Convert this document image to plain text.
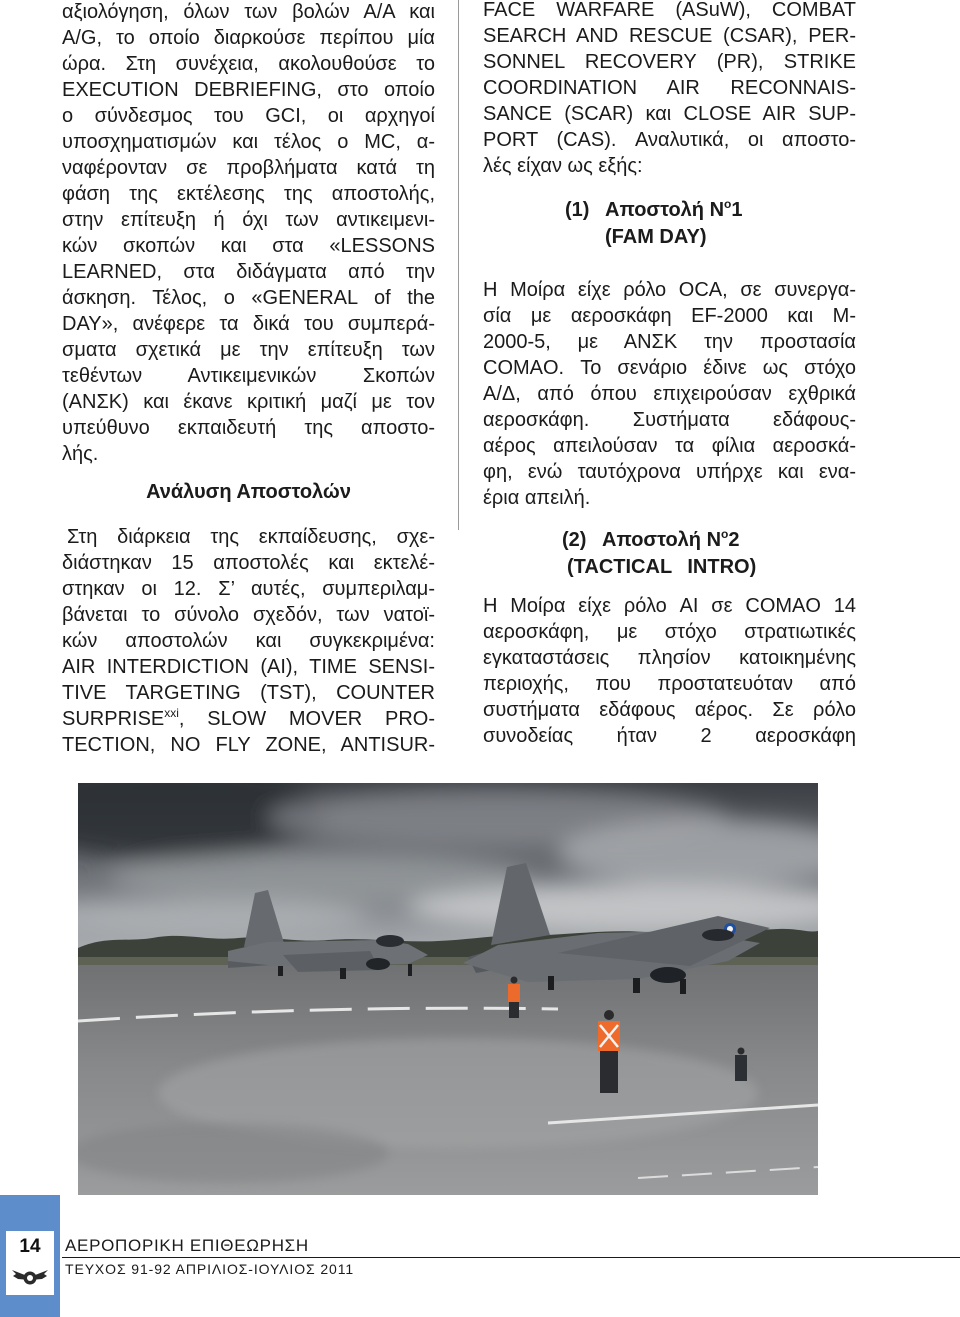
αξιολόγηση, όλων των βολών Α/Α και
Α/G, το οποίο διαρκούσε περίπου μία
ώρα. Στη συνέχεια, ακολουθούσε το
EXECUTION DEBRIEFING, στο οποίο
ο σύνδεσμος του GCI, οι αρχηγοί
υποσχηματισμών και τέλος ο MC, α-
ναφέρονταν σε προβλήματα κατά τη
φάση της εκτέλεσης της αποστολής,
στην επίτευξη ή όχι των αντικειμενι-
κών σκοπών και στα «LESSONS
LEARNED, στα διδάγματα από την
άσκηση. Τέλος, ο «GENERAL of the
DAY», ανέφερε τα δικά του συμπερά-
σματα σχετικά με την επίτευξη των
τεθέντων Αντικειμενικών Σκοπών
(ΑΝΣΚ) και έκανε κριτική μαζί με τον
υπεύθυνο εκπαιδευτή της αποστο-
λής.
Ανάλυση Αποστολών
Στη διάρκεια της εκπαίδευσης, σχε-
διάστηκαν 15 αποστολές και εκτελέ-
στηκαν οι 12. Σ’ αυτές, συμπεριλαμ-
βάνεται το σύνολο σχεδόν, των νατοϊ-
κών αποστολών και συγκεκριμένα:
AIR INTERDICTION (AI), TIME SENSI-
TIVE TARGETING (TST), COUNTER
SURPRISE$^{xxi}$, SLOW MOVER PRO-
TECTION, NO FLY ZONE, ANTISUR-
FACE WARFARE (ASuW), COMBAT
SEARCH AND RESCUE (CSAR), PER-
SONNEL RECOVERY (PR), STRIKE
COORDINATION AIR RECONNAIS-
SANCE (SCAR) και CLOSE AIR SUP-
PORT (CAS). Αναλυτικά, οι αποστο-
λές είχαν ως εξής:
Η Μοίρα είχε ρόλο OCA, σε συνεργα-
σία με αεροσκάφη EF-2000 και M-
2000-5, με ΑΝΣΚ την προστασία
COMAO. Το σενάριο έδινε ως στόχο
Α/Δ, από όπου επιχειρούσαν εχθρικά
αεροσκάφη. Συστήματα εδάφους-
αέρος απειλούσαν τα φίλια αεροσκά-
φη, ενώ ταυτόχρονα υπήρχε και ενα-
έρια απειλή.
Η Μοίρα είχε ρόλο AI σε COMAO 14
αεροσκάφη, με στόχο στρατιωτικές
εγκαταστάσεις πλησίον κατοικημένης
περιοχής, που προστατευόταν από
συστήματα εδάφους αέρος. Σε ρόλο
συνοδείας ήταν 2 αεροσκάφη
(1) Αποστολή $N^o1$
(FAM DAY)
(2) Αποστολή $N^o2$
(TACTICAL INTRO)
14	ΑΕΡΟΠΟΡΙΚΗ ΕΠΙΘΕΩΡΗΣΗ
ΤΕΥΧΟΣ 91-92 ΑΠΡΙΛΙΟΣ-ΙΟΥΛΙΟΣ 2011
